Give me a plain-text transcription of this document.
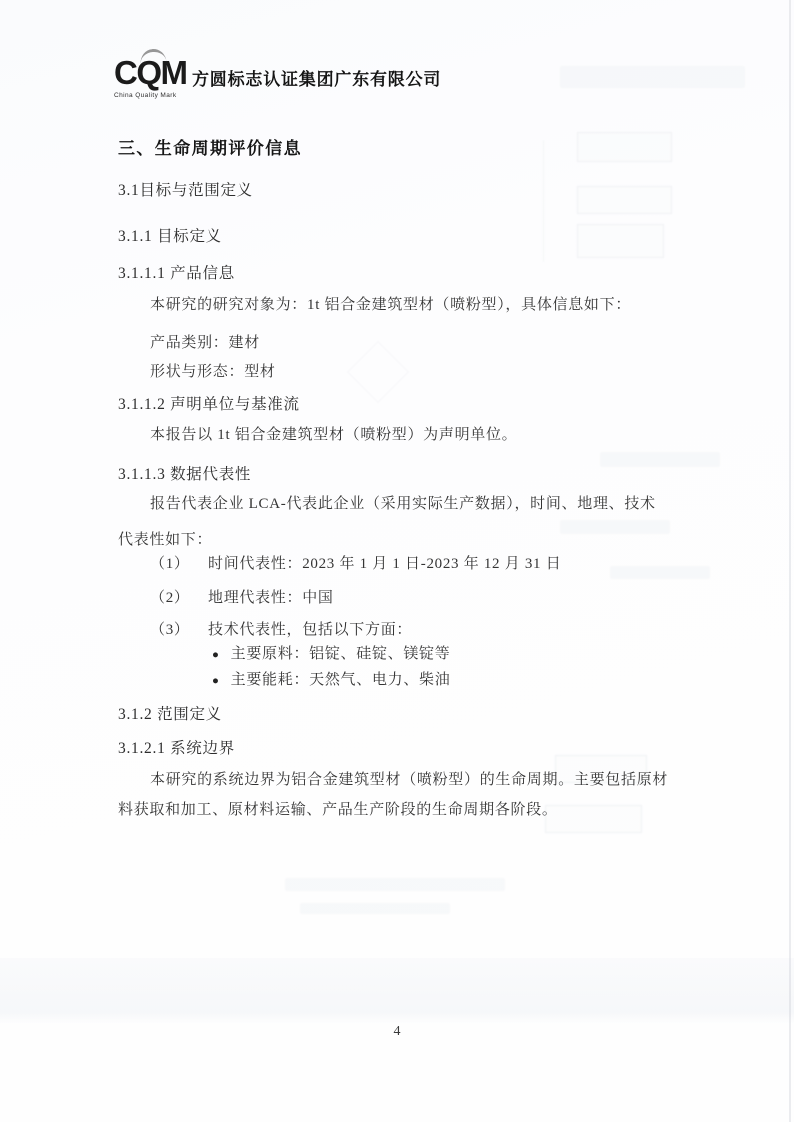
CQM
China Quality Mark
方圆标志认证集团广东有限公司
三、生命周期评价信息
3.1目标与范围定义
3.1.1 目标定义
3.1.1.1 产品信息
本研究的研究对象为：1t 铝合金建筑型材（喷粉型），具体信息如下：
产品类别：建材
形状与形态：型材
3.1.1.2 声明单位与基准流
本报告以 1t 铝合金建筑型材（喷粉型）为声明单位。
3.1.1.3 数据代表性
报告代表企业 LCA-代表此企业（采用实际生产数据），时间、地理、技术
代表性如下：
（1）	时间代表性：2023 年 1 月 1 日-2023 年 12 月 31 日
（2）	地理代表性：中国
（3）	技术代表性，包括以下方面：
● 主要原料：铝锭、硅锭、镁锭等
● 主要能耗：天然气、电力、柴油
3.1.2 范围定义
3.1.2.1 系统边界
本研究的系统边界为铝合金建筑型材（喷粉型）的生命周期。主要包括原材
料获取和加工、原材料运输、产品生产阶段的生命周期各阶段。
4
